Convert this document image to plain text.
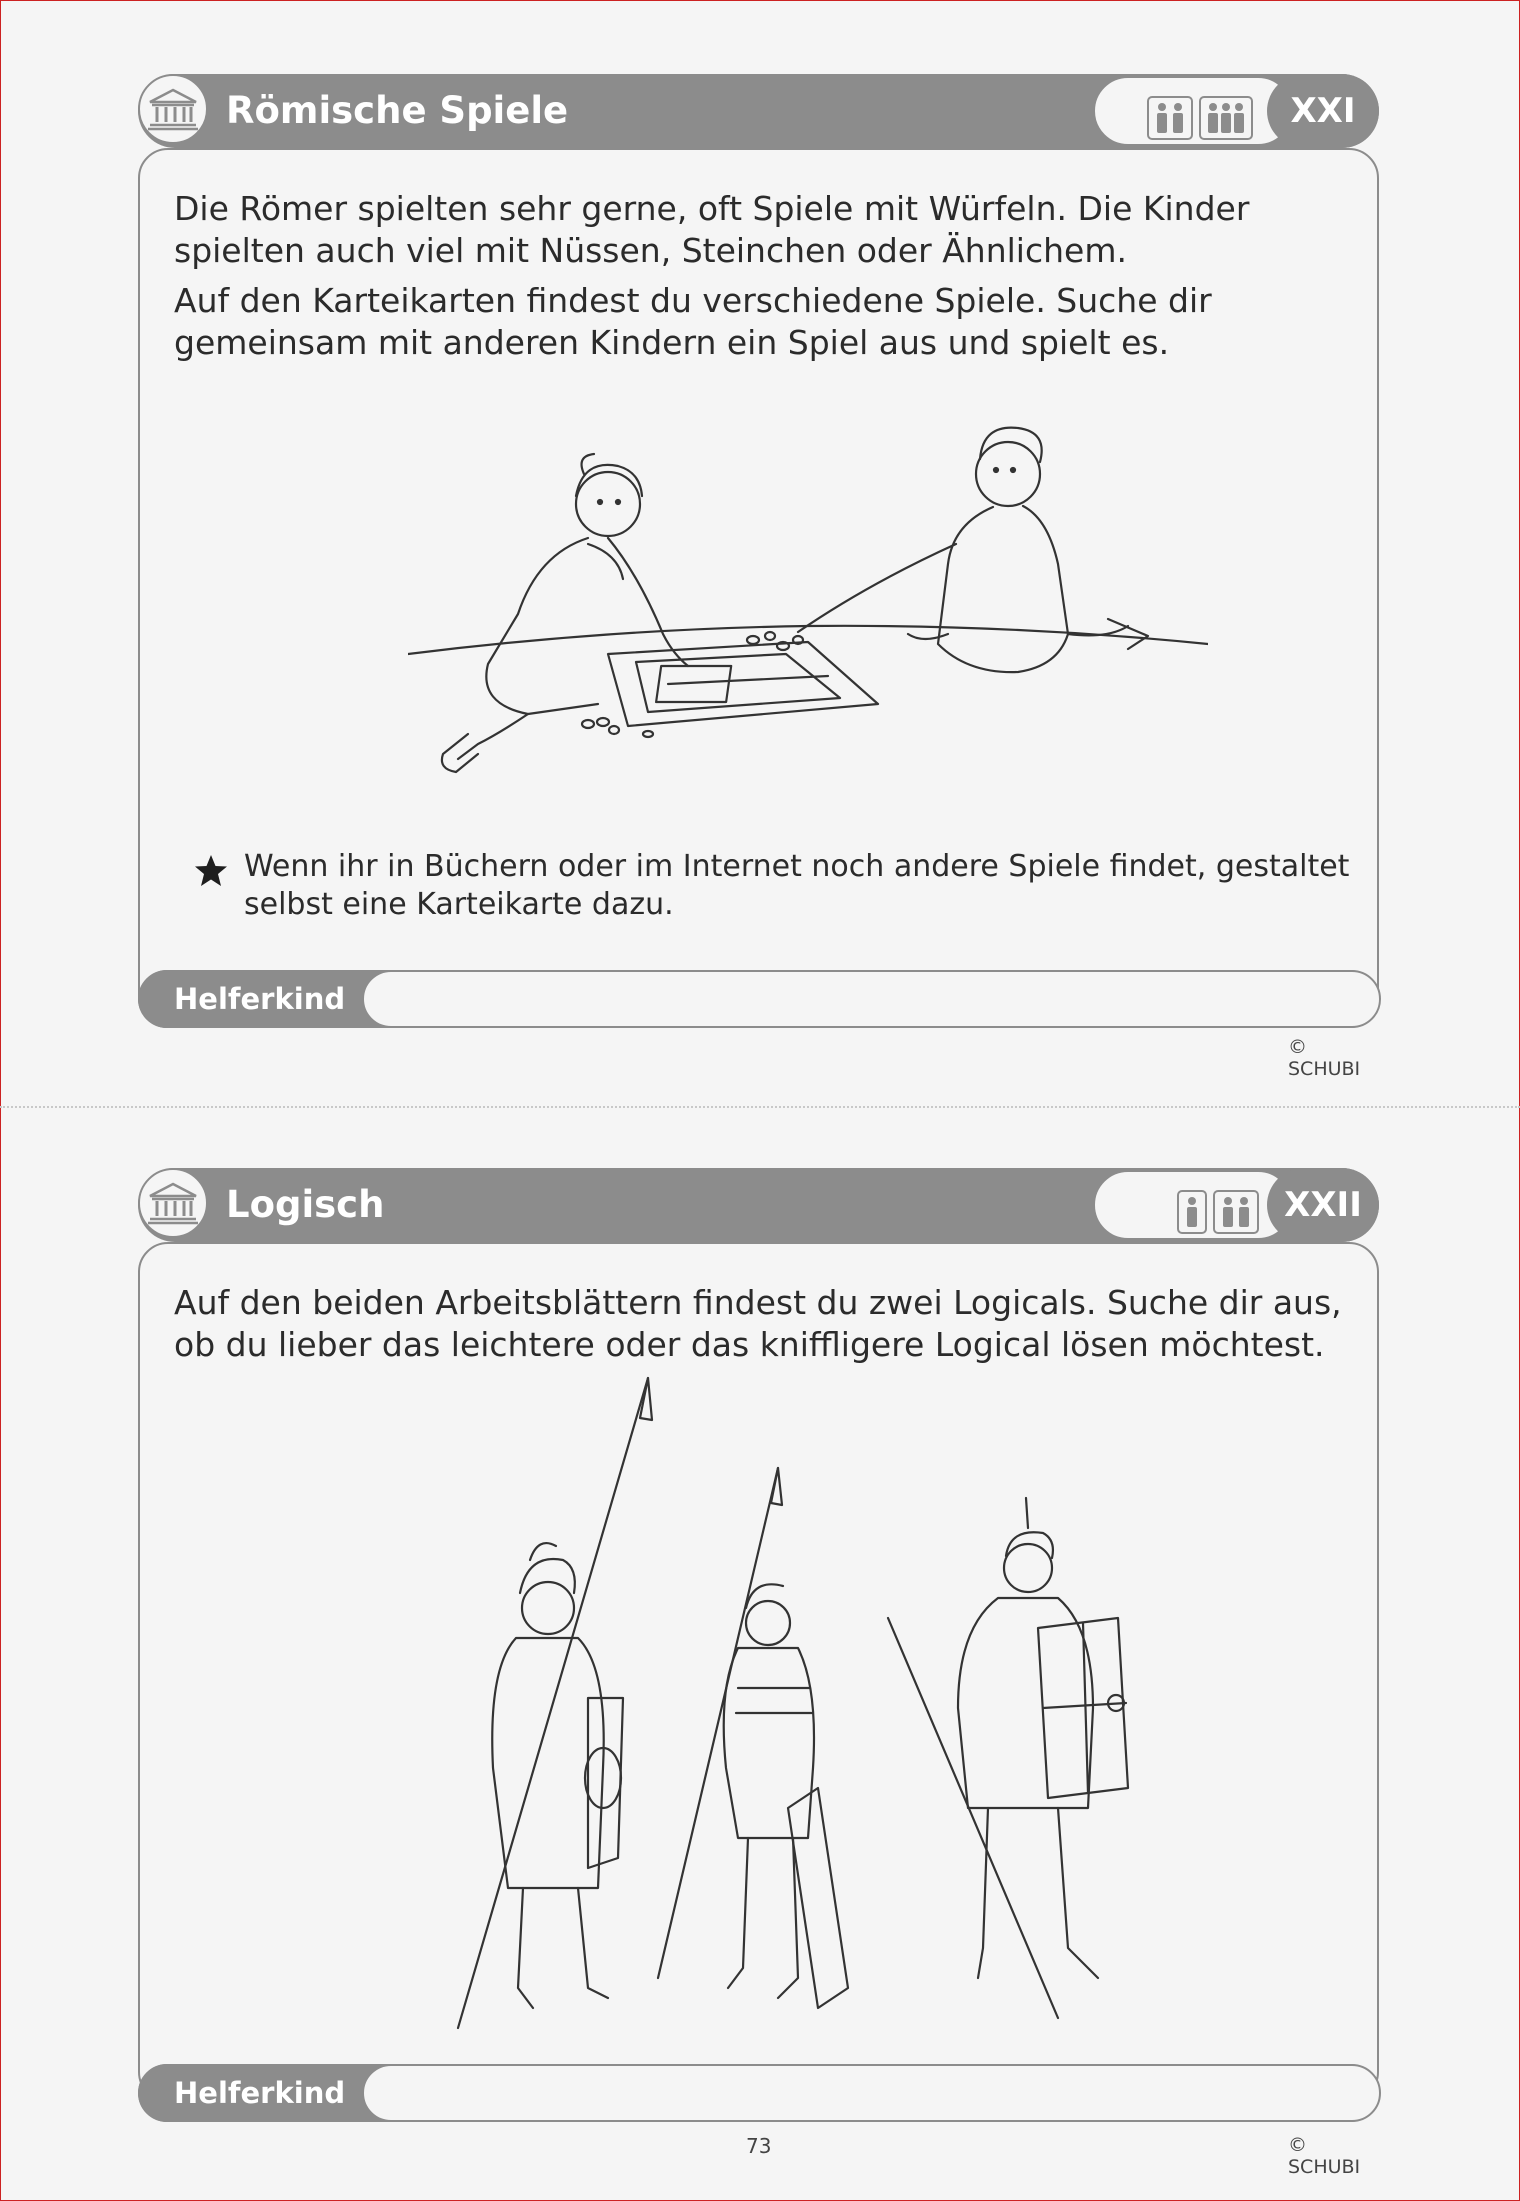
Römische Spiele	XXI
Die Römer spielten sehr gerne, oft Spiele mit Würfeln. Die Kinder spielten auch viel mit Nüssen, Steinchen oder Ähnlichem.
Auf den Karteikarten findest du verschiedene Spiele. Suche dir gemeinsam mit anderen Kindern ein Spiel aus und spielt es.
Wenn ihr in Büchern oder im Internet noch andere Spiele findet, gestaltet selbst eine Karteikarte dazu.
Helferkind
© SCHUBI
Logisch	XXII
Auf den beiden Arbeitsblättern findest du zwei Logicals. Suche dir aus, ob du lieber das leichtere oder das kniffligere Logical lösen möchtest.
Helferkind
73	© SCHUBI
